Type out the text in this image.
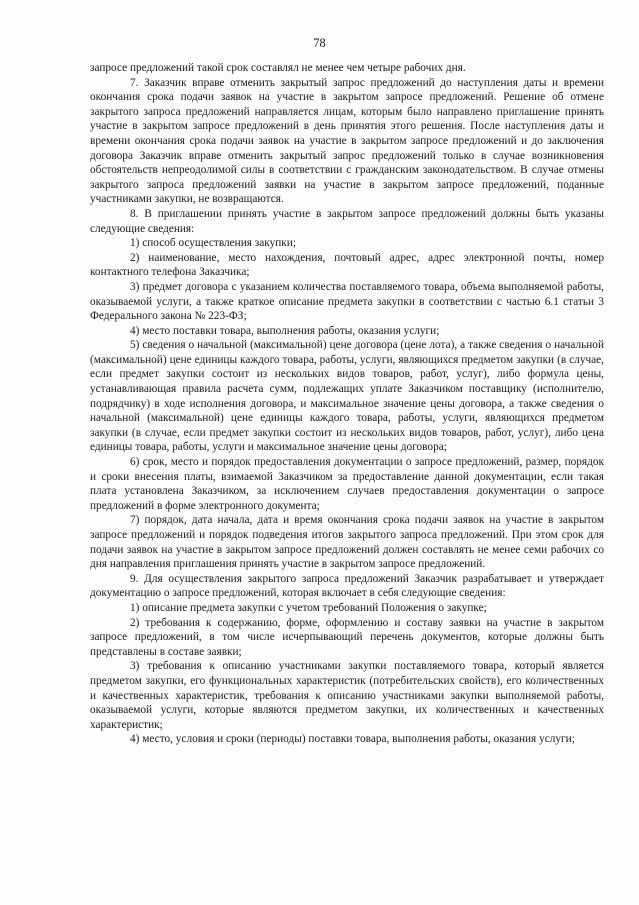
78

запросе предложений такой срок составлял не менее чем четыре рабочих дня.

7. Заказчик вправе отменить закрытый запрос предложений до наступления даты и времени окончания срока подачи заявок на участие в закрытом запросе предложений. Решение об отмене закрытого запроса предложений направляется лицам, которым было направлено приглашение принять участие в закрытом запросе предложений в день принятия этого решения. После наступления даты и времени окончания срока подачи заявок на участие в закрытом запросе предложений и до заключения договора Заказчик вправе отменить закрытый запрос предложений только в случае возникновения обстоятельств непреодолимой силы в соответствии с гражданским законодательством. В случае отмены закрытого запроса предложений заявки на участие в закрытом запросе предложений, поданные участниками закупки, не возвращаются.

8. В приглашении принять участие в закрытом запросе предложений должны быть указаны следующие сведения:

1) способ осуществления закупки;

2) наименование, место нахождения, почтовый адрес, адрес электронной почты, номер контактного телефона Заказчика;

3) предмет договора с указанием количества поставляемого товара, объема выполняемой работы, оказываемой услуги, а также краткое описание предмета закупки в соответствии с частью 6.1 статьи 3 Федерального закона № 223-ФЗ;

4) место поставки товара, выполнения работы, оказания услуги;

5) сведения о начальной (максимальной) цене договора (цене лота), а также сведения о начальной (максимальной) цене единицы каждого товара, работы, услуги, являющихся предметом закупки (в случае, если предмет закупки состоит из нескольких видов товаров, работ, услуг), либо формула цены, устанавливающая правила расчета сумм, подлежащих уплате Заказчиком поставщику (исполнителю, подрядчику) в ходе исполнения договора, и максимальное значение цены договора, а также сведения о начальной (максимальной) цене единицы каждого товара, работы, услуги, являющихся предметом закупки (в случае, если предмет закупки состоит из нескольких видов товаров, работ, услуг), либо цена единицы товара, работы, услуги и максимальное значение цены договора;

6) срок, место и порядок предоставления документации о запросе предложений, размер, порядок и сроки внесения платы, взимаемой Заказчиком за предоставление данной документации, если такая плата установлена Заказчиком, за исключением случаев предоставления документации о запросе предложений в форме электронного документа;

7) порядок, дата начала, дата и время окончания срока подачи заявок на участие в закрытом запросе предложений и порядок подведения итогов закрытого запроса предложений. При этом срок для подачи заявок на участие в закрытом запросе предложений должен составлять не менее семи рабочих со дня направления приглашения принять участие в закрытом запросе предложений.

9. Для осуществления закрытого запроса предложений Заказчик разрабатывает и утверждает документацию о запросе предложений, которая включает в себя следующие сведения:

1) описание предмета закупки с учетом требований Положения о закупке;

2) требования к содержанию, форме, оформлению и составу заявки на участие в закрытом запросе предложений, в том числе исчерпывающий перечень документов, которые должны быть представлены в составе заявки;

3) требования к описанию участниками закупки поставляемого товара, который является предметом закупки, его функциональных характеристик (потребительских свойств), его количественных и качественных характеристик, требования к описанию участниками закупки выполняемой работы, оказываемой услуги, которые являются предметом закупки, их количественных и качественных характеристик;

4) место, условия и сроки (периоды) поставки товара, выполнения работы, оказания услуги;
